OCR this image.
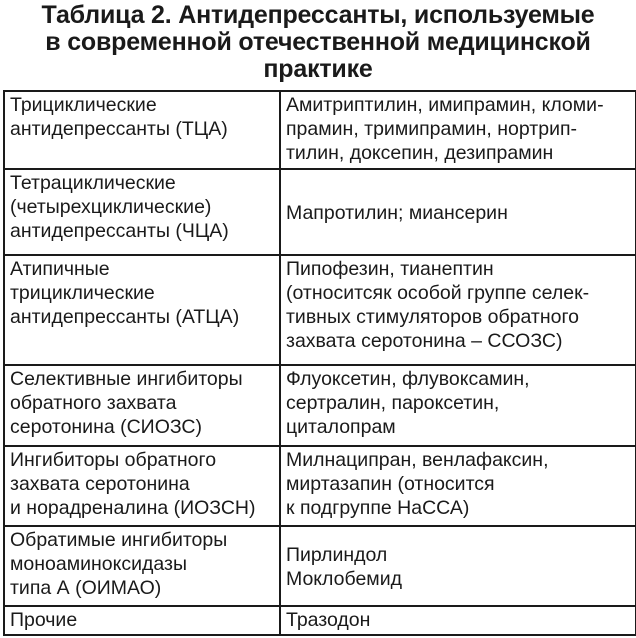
Таблица 2. Антидепрессанты, используемые
в современной отечественной медицинской
практике
Трициклические
антидепрессанты (ТЦА)	Амитриптилин, имипрамин, кломи-
прамин, тримипрамин, нортрип-
тилин, доксепин, дезипрамин

Тетрациклические
(четырехциклические)
антидепрессанты (ЧЦА)	Мапротилин; миансерин

Атипичные
трициклические
антидепрессанты (АТЦА)	Пипофезин, тианептин
(относитсяк особой группе селек-
тивных стимуляторов обратного
захвата серотонина – ССОЗС)

Селективные ингибиторы
обратного захвата
серотонина (СИОЗС)	Флуоксетин, флувоксамин,
сертралин, пароксетин,
циталопрам

Ингибиторы обратного
захвата серотонина
и норадреналина (ИОЗСН)	Милнаципран, венлафаксин,
миртазапин (относится
к подгруппе НаССА)

Обратимые ингибиторы
моноаминоксидазы
типа А (ОИМАО)	Пирлиндол
Моклобемид

Прочие	Тразодон
